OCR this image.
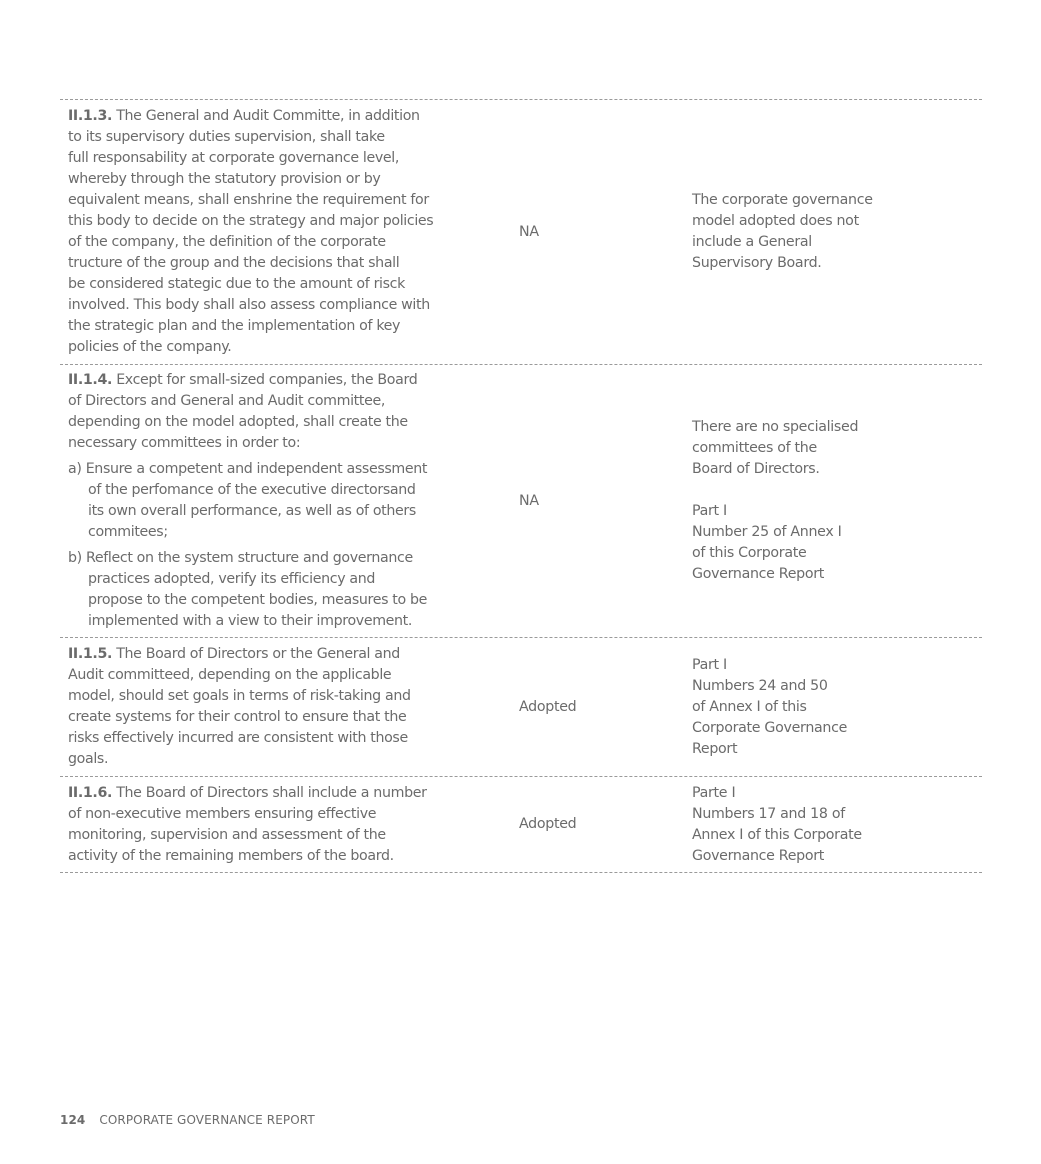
II.1.3. The General and Audit Committe, in addition
to its supervisory duties supervision, shall take
full responsability at corporate governance level,
whereby through the statutory provision or by
equivalent means, shall enshrine the requirement for
this body to decide on the strategy and major policies
of the company, the definition of the corporate
tructure of the group and the decisions that shall
be considered stategic due to the amount of risck
involved. This body shall also assess compliance with
the strategic plan and the implementation of key
policies of the company.
NA
The corporate governance
model adopted does not
include a General
Supervisory Board.
II.1.4. Except for small-sized companies, the Board
of Directors and General and Audit committee,
depending on the model adopted, shall create the
necessary committees in order to:
a) Ensure a competent and independent assessment
of the perfomance of the executive directorsand
its own overall performance, as well as of others
commitees;
b) Reflect on the system structure and governance
practices adopted, verify its efficiency and
propose to the competent bodies, measures to be
implemented with a view to their improvement.
NA
There are no specialised
committees of the
Board of Directors.
Part I
Number 25 of Annex I
of this Corporate
Governance Report
II.1.5. The Board of Directors or the General and
Audit committeed, depending on the applicable
model, should set goals in terms of risk-taking and
create systems for their control to ensure that the
risks effectively incurred are consistent with those
goals.
Adopted
Part I
Numbers 24 and 50
of Annex I of this
Corporate Governance
Report
II.1.6. The Board of Directors shall include a number
of non-executive members ensuring effective
monitoring, supervision and assessment of the
activity of the remaining members of the board.
Adopted
Parte I
Numbers 17 and 18 of
Annex I of this Corporate
Governance Report
124 CORPORATE GOVERNANCE REPORT
